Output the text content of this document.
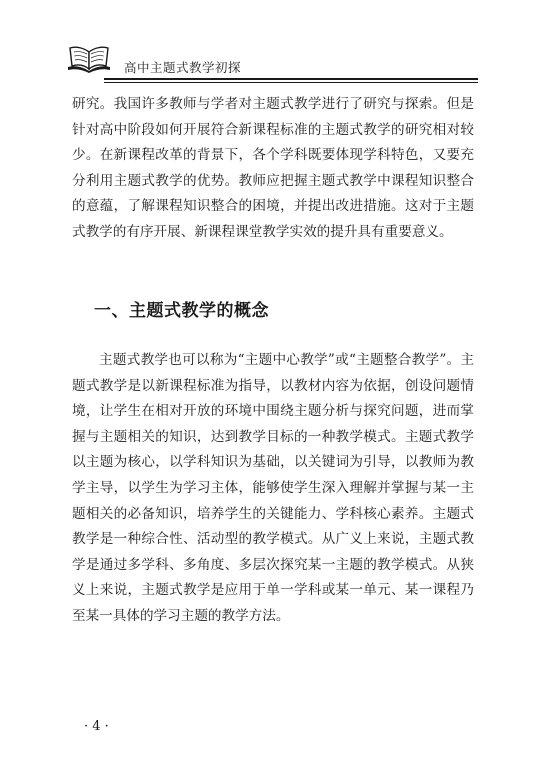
高中主题式教学初探
研究。我国许多教师与学者对主题式教学进行了研究与探索。但是针对高中阶段如何开展符合新课程标准的主题式教学的研究相对较少。在新课程改革的背景下，各个学科既要体现学科特色，又要充分利用主题式教学的优势。教师应把握主题式教学中课程知识整合的意蕴，了解课程知识整合的困境，并提出改进措施。这对于主题式教学的有序开展、新课程课堂教学实效的提升具有重要意义。
一、主题式教学的概念
主题式教学也可以称为“主题中心教学”或“主题整合教学”。主题式教学是以新课程标准为指导，以教材内容为依据，创设问题情境，让学生在相对开放的环境中围绕主题分析与探究问题，进而掌握与主题相关的知识，达到教学目标的一种教学模式。主题式教学以主题为核心，以学科知识为基础，以关键词为引导，以教师为教学主导，以学生为学习主体，能够使学生深入理解并掌握与某一主题相关的必备知识，培养学生的关键能力、学科核心素养。主题式教学是一种综合性、活动型的教学模式。从广义上来说，主题式教学是通过多学科、多角度、多层次探究某一主题的教学模式。从狭义上来说，主题式教学是应用于单一学科或某一单元、某一课程乃至某一具体的学习主题的教学方法。
· 4 ·
